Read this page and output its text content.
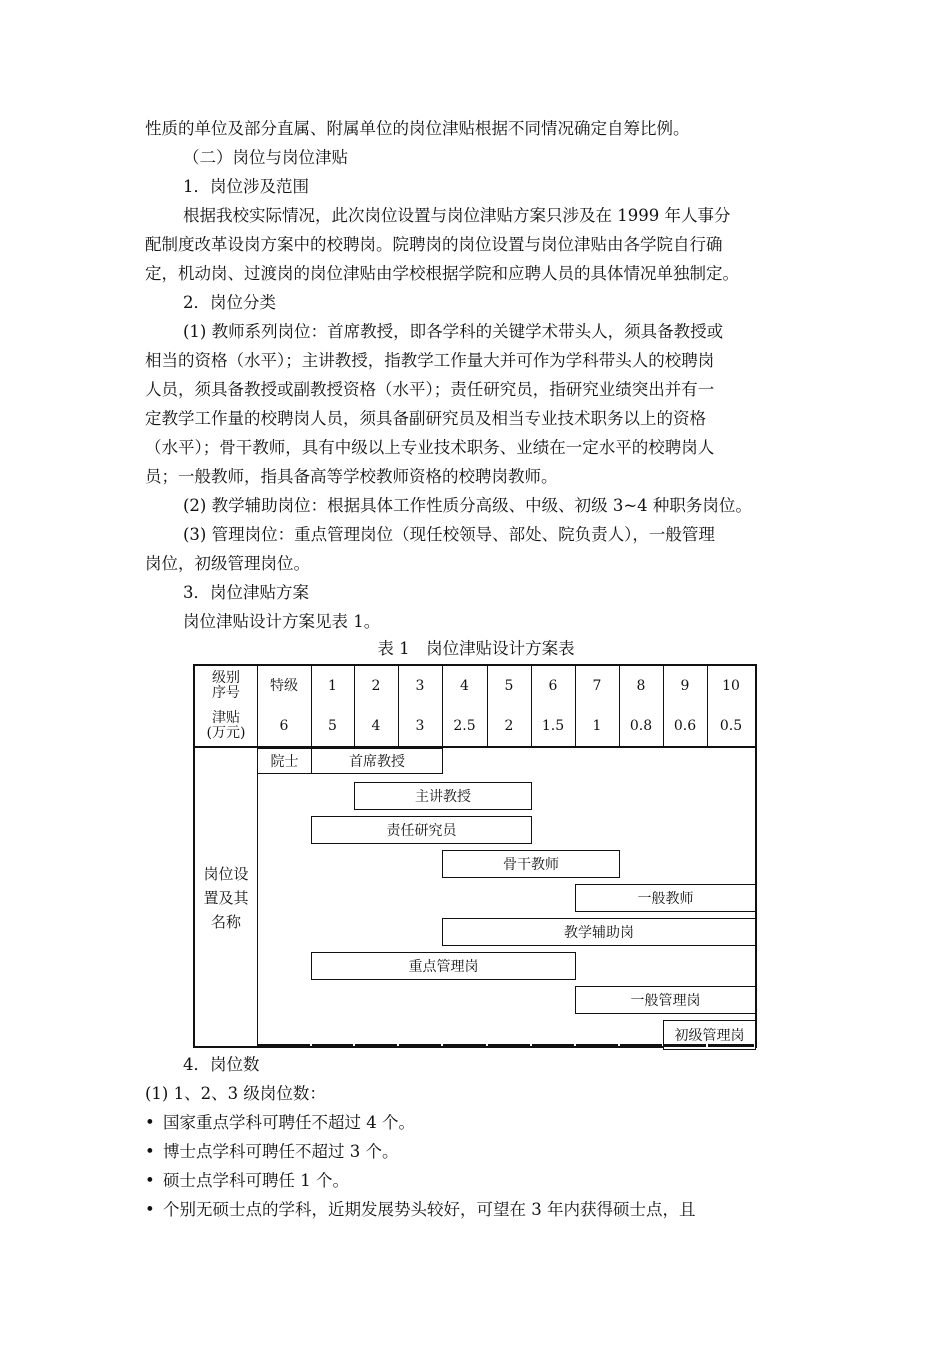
性质的单位及部分直属、附属单位的岗位津贴根据不同情况确定自筹比例。

（二）岗位与岗位津贴

1．岗位涉及范围

根据我校实际情况，此次岗位设置与岗位津贴方案只涉及在 1999 年人事分

配制度改革设岗方案中的校聘岗。院聘岗的岗位设置与岗位津贴由各学院自行确

定，机动岗、过渡岗的岗位津贴由学校根据学院和应聘人员的具体情况单独制定。

2．岗位分类

(1) 教师系列岗位：首席教授，即各学科的关键学术带头人，须具备教授或

相当的资格（水平）；主讲教授，指教学工作量大并可作为学科带头人的校聘岗

人员，须具备教授或副教授资格（水平）；责任研究员，指研究业绩突出并有一

定教学工作量的校聘岗人员，须具备副研究员及相当专业技术职务以上的资格

（水平）；骨干教师，具有中级以上专业技术职务、业绩在一定水平的校聘岗人

员；一般教师，指具备高等学校教师资格的校聘岗教师。

(2) 教学辅助岗位：根据具体工作性质分高级、中级、初级 3~4 种职务岗位。

(3) 管理岗位：重点管理岗位（现任校领导、部处、院负责人），一般管理

岗位，初级管理岗位。

3．岗位津贴方案

岗位津贴设计方案见表 1。

表 1　岗位津贴设计方案表

级别
序号
津贴
(万元)
特级
6
1
5
2
4
3
3
4
2.5
5
2
6
1.5
7
1
8
0.8
9
0.6
10
0.5
岗位设
置及其
名称
院士	首席教授
主讲教授
责任研究员
骨干教师
一般教师
教学辅助岗
重点管理岗
一般管理岗
初级管理岗

4．岗位数

(1) 1、2、3 级岗位数：

• 国家重点学科可聘任不超过 4 个。

• 博士点学科可聘任不超过 3 个。

• 硕士点学科可聘任 1 个。

• 个别无硕士点的学科，近期发展势头较好，可望在 3 年内获得硕士点，且
